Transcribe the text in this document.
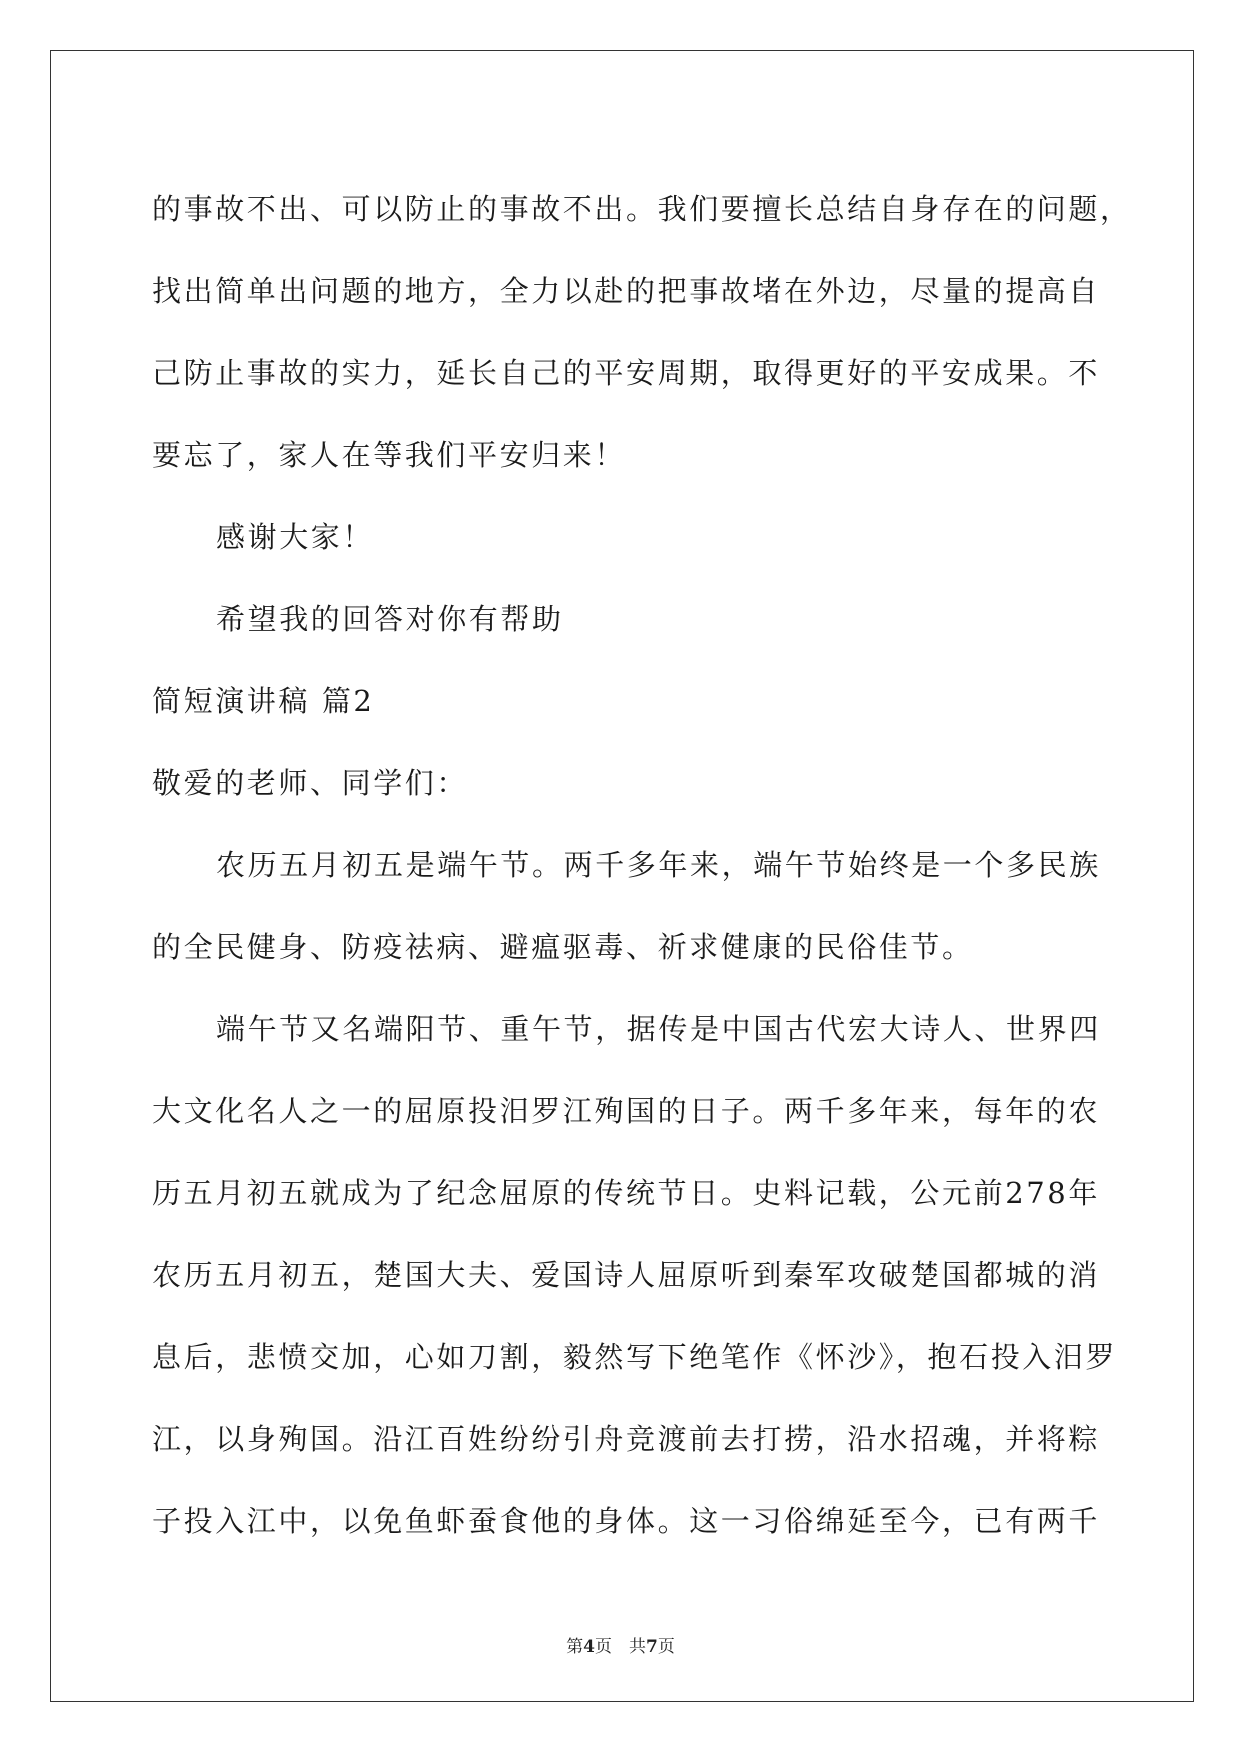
的事故不出、可以防止的事故不出。我们要擅长总结自身存在的问题，
找出简单出问题的地方，全力以赴的把事故堵在外边，尽量的提高自
己防止事故的实力，延长自己的平安周期，取得更好的平安成果。不
要忘了，家人在等我们平安归来！
感谢大家！
希望我的回答对你有帮助
简短演讲稿 篇2
敬爱的老师、同学们：
农历五月初五是端午节。两千多年来，端午节始终是一个多民族
的全民健身、防疫祛病、避瘟驱毒、祈求健康的民俗佳节。
端午节又名端阳节、重午节，据传是中国古代宏大诗人、世界四
大文化名人之一的屈原投汨罗江殉国的日子。两千多年来，每年的农
历五月初五就成为了纪念屈原的传统节日。史料记载，公元前278年
农历五月初五，楚国大夫、爱国诗人屈原听到秦军攻破楚国都城的消
息后，悲愤交加，心如刀割，毅然写下绝笔作《怀沙》，抱石投入汨罗
江，以身殉国。沿江百姓纷纷引舟竞渡前去打捞，沿水招魂，并将粽
子投入江中，以免鱼虾蚕食他的身体。这一习俗绵延至今，已有两千
第4页　共7页
